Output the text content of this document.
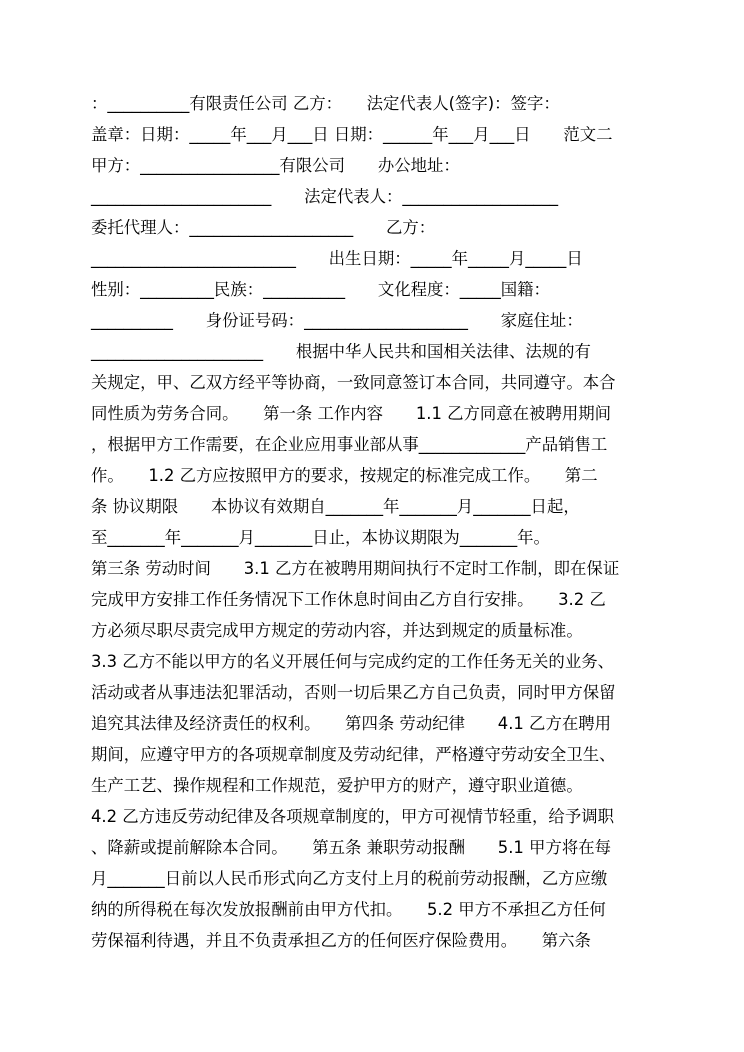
：__________有限责任公司 乙方：　　法定代表人(签字)：签字：
盖章：日期：_____年___月___日 日期：______年___月___日　　范文二
甲方：_________________有限公司　　办公地址：
______________________　　法定代表人：___________________
委托代理人：____________________　　乙方：
_________________________　　出生日期：_____年_____月_____日
性别：_________民族：__________　　文化程度：_____国籍：
__________　　身份证号码：____________________　　家庭住址：
_____________________　　根据中华人民共和国相关法律、法规的有
关规定，甲、乙双方经平等协商，一致同意签订本合同，共同遵守。本合
同性质为劳务合同。　　第一条 工作内容　　1.1 乙方同意在被聘用期间
，根据甲方工作需要，在企业应用事业部从事_____________产品销售工
作。　　1.2 乙方应按照甲方的要求，按规定的标准完成工作。　　第二
条 协议期限　　本协议有效期自_______年_______月_______日起，
至_______年_______月_______日止，本协议期限为_______年。
第三条 劳动时间　　3.1 乙方在被聘用期间执行不定时工作制，即在保证
完成甲方安排工作任务情况下工作休息时间由乙方自行安排。　　3.2 乙
方必须尽职尽责完成甲方规定的劳动内容，并达到规定的质量标准。
3.3 乙方不能以甲方的名义开展任何与完成约定的工作任务无关的业务、
活动或者从事违法犯罪活动，否则一切后果乙方自己负责，同时甲方保留
追究其法律及经济责任的权利。　　第四条 劳动纪律　　4.1 乙方在聘用
期间，应遵守甲方的各项规章制度及劳动纪律，严格遵守劳动安全卫生、
生产工艺、操作规程和工作规范，爱护甲方的财产，遵守职业道德。
4.2 乙方违反劳动纪律及各项规章制度的，甲方可视情节轻重，给予调职
、降薪或提前解除本合同。　　第五条 兼职劳动报酬　　5.1 甲方将在每
月_______日前以人民币形式向乙方支付上月的税前劳动报酬，乙方应缴
纳的所得税在每次发放报酬前由甲方代扣。　　5.2 甲方不承担乙方任何
劳保福利待遇，并且不负责承担乙方的任何医疗保险费用。　　第六条
